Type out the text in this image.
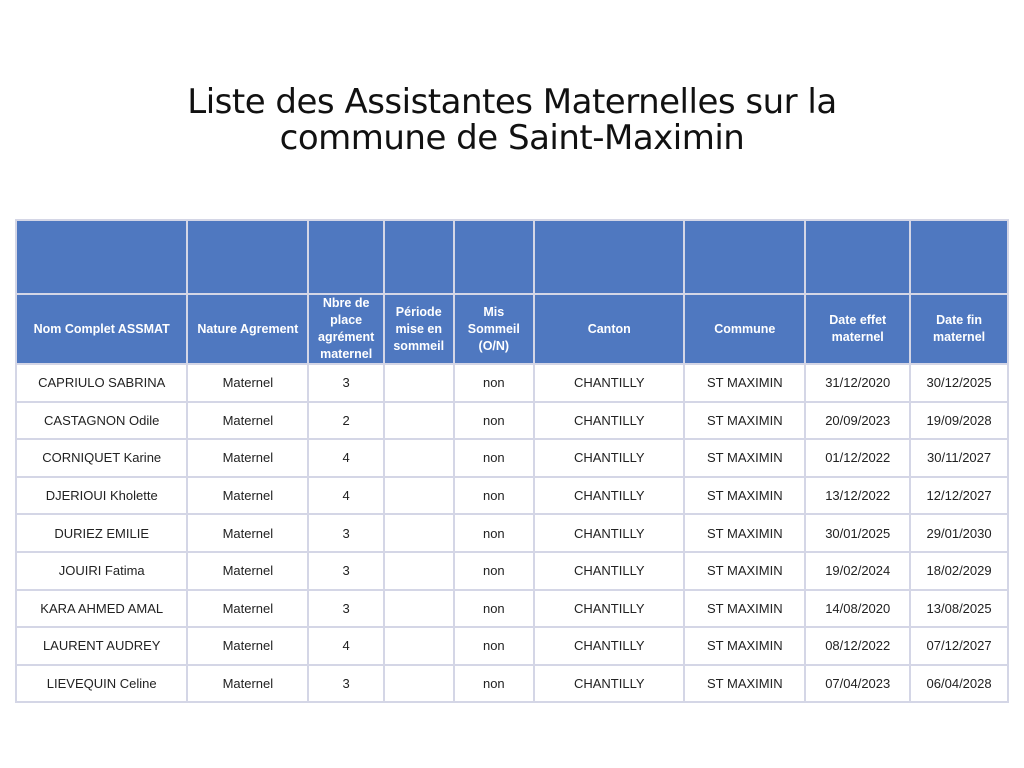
Liste des Assistantes Maternelles sur la
commune de Saint-Maximin

Nom Complet ASSMAT	Nature Agrement	Nbre de place agrément maternel	Période mise en sommeil	Mis Sommeil (O/N)	Canton	Commune	Date effet maternel	Date fin maternel
CAPRIULO SABRINA	Maternel	3		non	CHANTILLY	ST MAXIMIN	31/12/2020	30/12/2025
CASTAGNON Odile	Maternel	2		non	CHANTILLY	ST MAXIMIN	20/09/2023	19/09/2028
CORNIQUET Karine	Maternel	4		non	CHANTILLY	ST MAXIMIN	01/12/2022	30/11/2027
DJERIOUI Kholette	Maternel	4		non	CHANTILLY	ST MAXIMIN	13/12/2022	12/12/2027
DURIEZ EMILIE	Maternel	3		non	CHANTILLY	ST MAXIMIN	30/01/2025	29/01/2030
JOUIRI Fatima	Maternel	3		non	CHANTILLY	ST MAXIMIN	19/02/2024	18/02/2029
KARA AHMED AMAL	Maternel	3		non	CHANTILLY	ST MAXIMIN	14/08/2020	13/08/2025
LAURENT AUDREY	Maternel	4		non	CHANTILLY	ST MAXIMIN	08/12/2022	07/12/2027
LIEVEQUIN Celine	Maternel	3		non	CHANTILLY	ST MAXIMIN	07/04/2023	06/04/2028
